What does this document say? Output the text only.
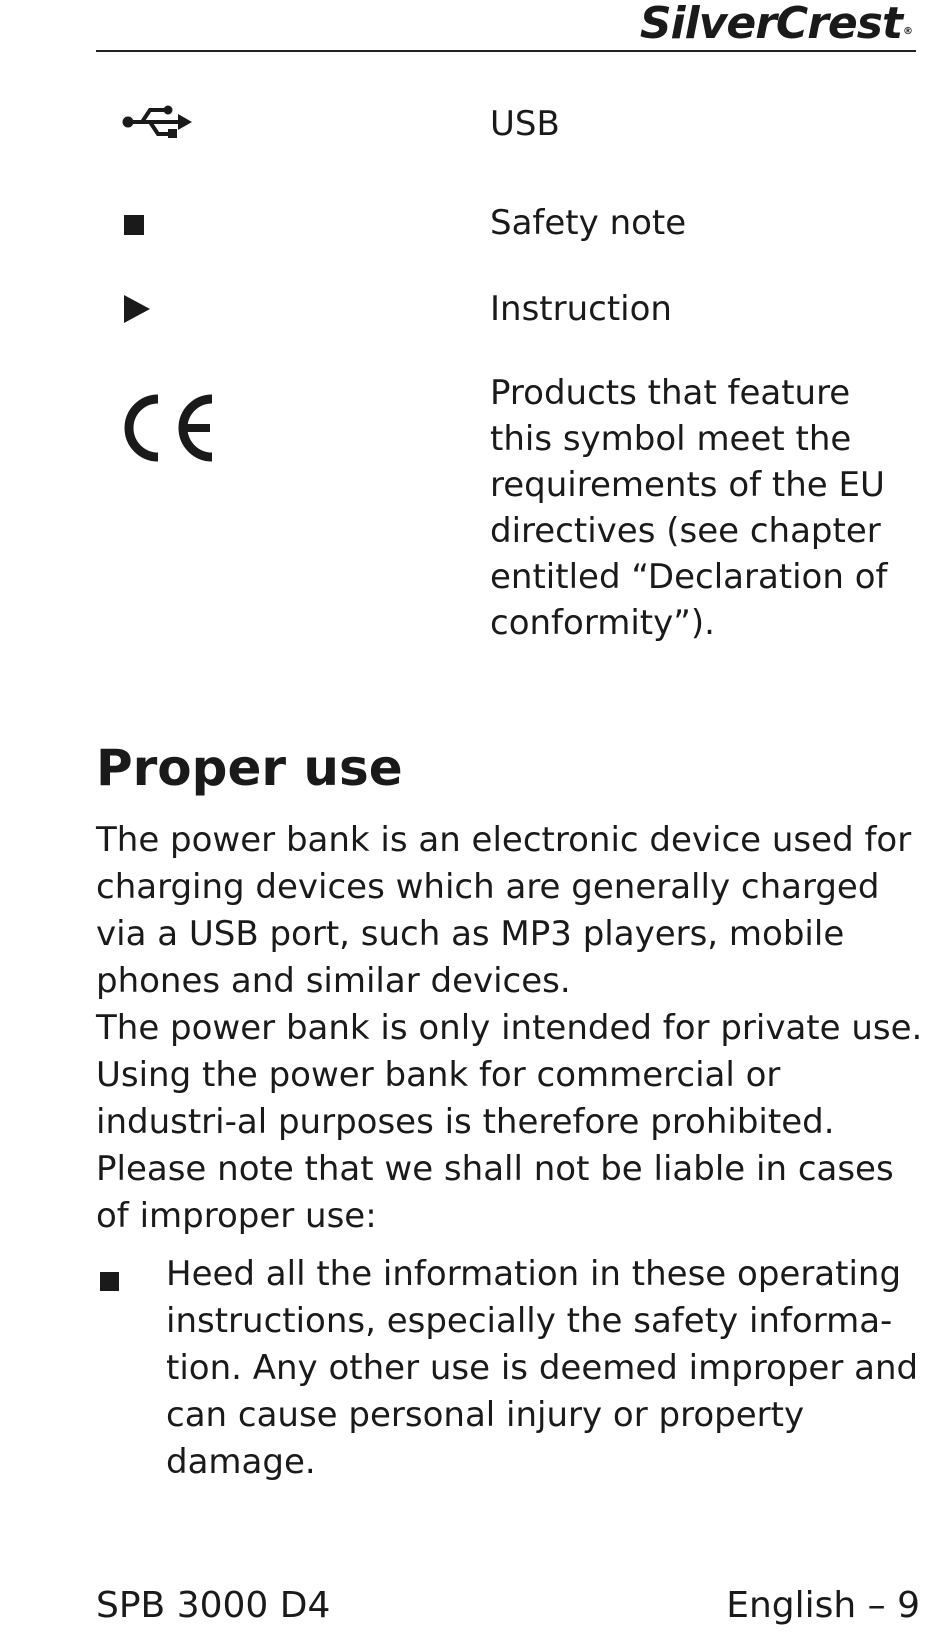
SilverCrest®
USB
Safety note
Instruction
Products that feature this symbol meet the requirements of the EU directives (see chapter entitled “Declaration of conformity”).
Proper use

The power bank is an electronic device used for charging devices which are generally charged via a USB port, such as MP3 players, mobile phones and similar devices.

The power bank is only intended for private use. Using the power bank for commercial or industri-al purposes is therefore prohibited.

Please note that we shall not be liable in cases of improper use:

Heed all the information in these operating instructions, especially the safety informa-tion. Any other use is deemed improper and can cause personal injury or property damage.

SPB 3000 D4	English – 9
